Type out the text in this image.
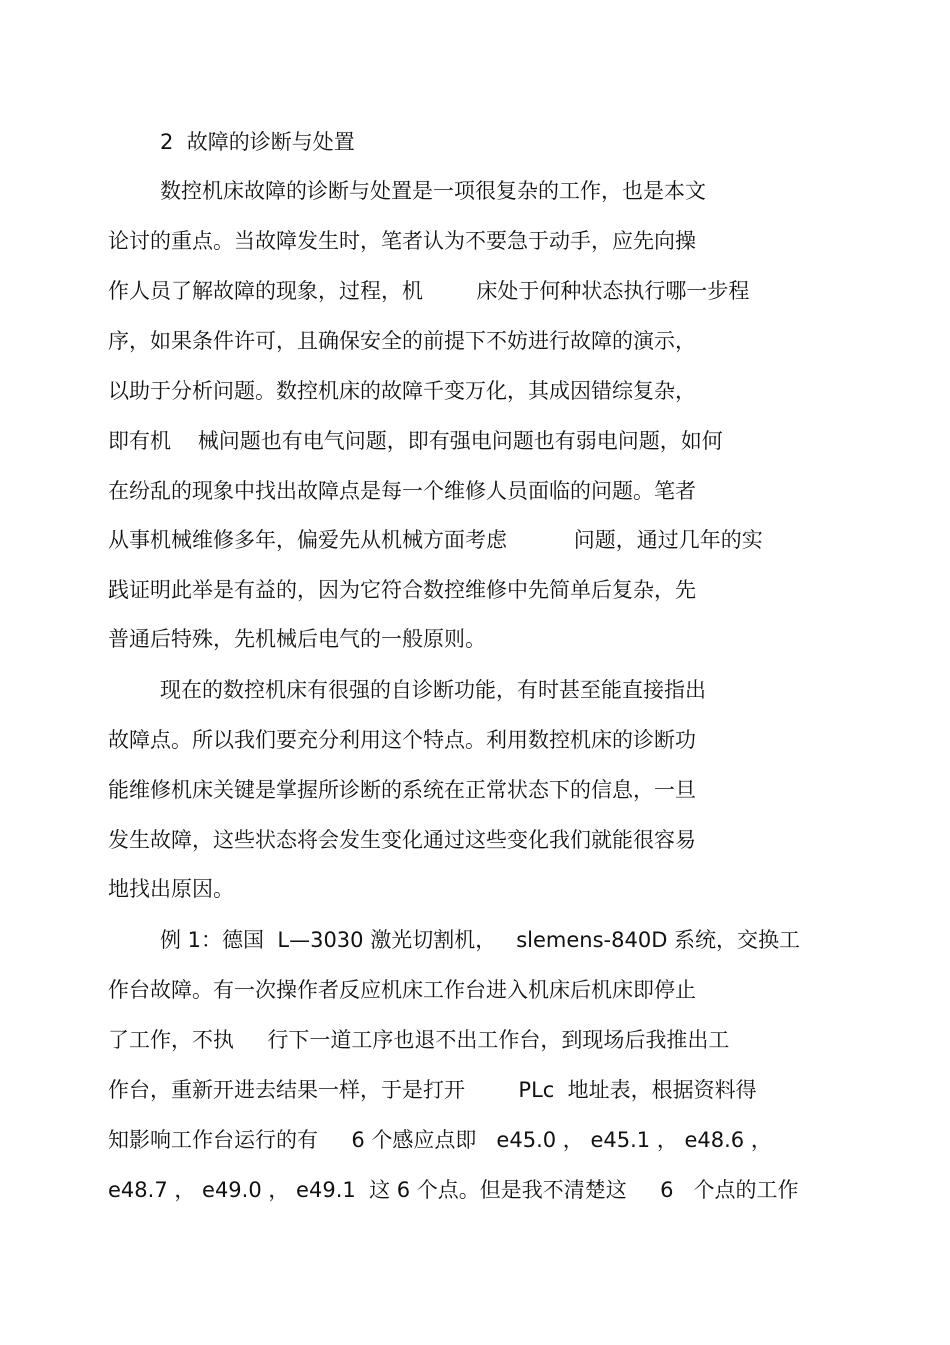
2  故障的诊断与处置
数控机床故障的诊断与处置是一项很复杂的工作，也是本文
论讨的重点。当故障发生时，笔者认为不要急于动手，应先向操
作人员了解故障的现象，过程，机        床处于何种状态执行哪一步程
序，如果条件许可，且确保安全的前提下不妨进行故障的演示，
以助于分析问题。数控机床的故障千变万化，其成因错综复杂，
即有机    械问题也有电气问题，即有强电问题也有弱电问题，如何
在纷乱的现象中找出故障点是每一个维修人员面临的问题。笔者
从事机械维修多年，偏爱先从机械方面考虑          问题，通过几年的实
践证明此举是有益的，因为它符合数控维修中先简单后复杂，先
普通后特殊，先机械后电气的一般原则。
现在的数控机床有很强的自诊断功能，有时甚至能直接指出
故障点。所以我们要充分利用这个特点。利用数控机床的诊断功
能维修机床关键是掌握所诊断的系统在正常状态下的信息，一旦
发生故障，这些状态将会发生变化通过这些变化我们就能很容易
地找出原因。
例 1：德国  L—3030 激光切割机，   slemens-840D 系统，交换工
作台故障。有一次操作者反应机床工作台进入机床后机床即停止
了工作，不执     行下一道工序也退不出工作台，到现场后我推出工
作台，重新开进去结果一样，于是打开        PLc  地址表，根据资料得
知影响工作台运行的有     6 个感应点即   e45.0 ， e45.1 ， e48.6 ，
e48.7 ， e49.0 ， e49.1  这 6 个点。但是我不清楚这     6   个点的工作
